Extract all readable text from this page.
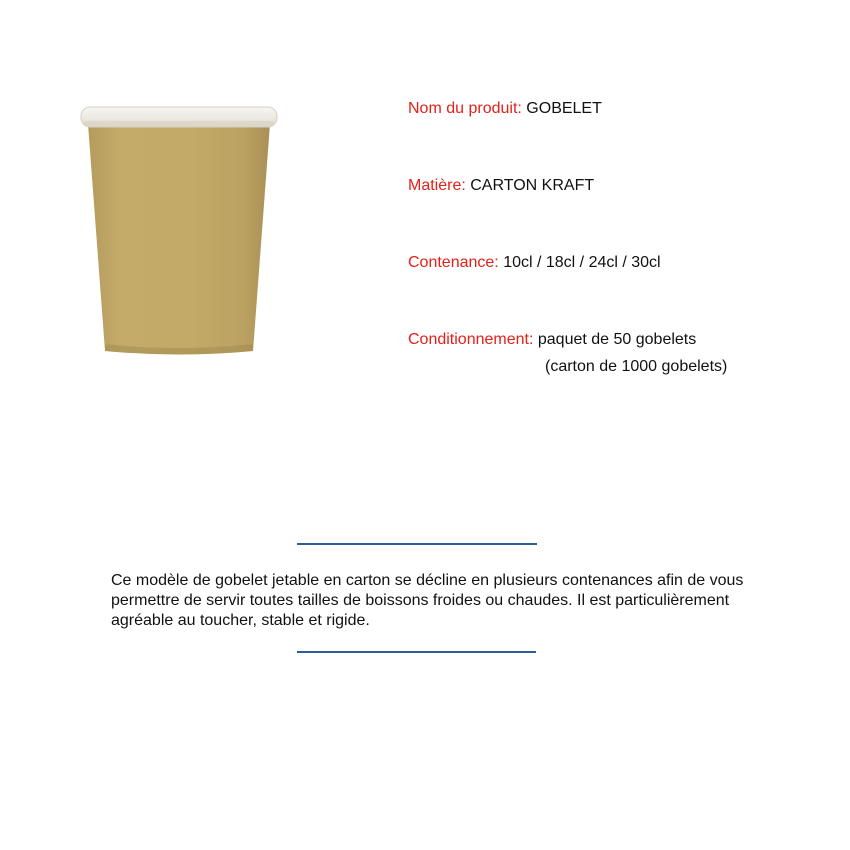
Nom du produit: GOBELET
Matière: CARTON KRAFT
Contenance: 10cl / 18cl / 24cl / 30cl
Conditionnement: paquet de 50 gobelets
(carton de 1000 gobelets)
Ce modèle de gobelet jetable en carton se décline en plusieurs contenances afin de vous permettre de servir toutes tailles de boissons froides ou chaudes. Il est particulièrement agréable au toucher, stable et rigide.
